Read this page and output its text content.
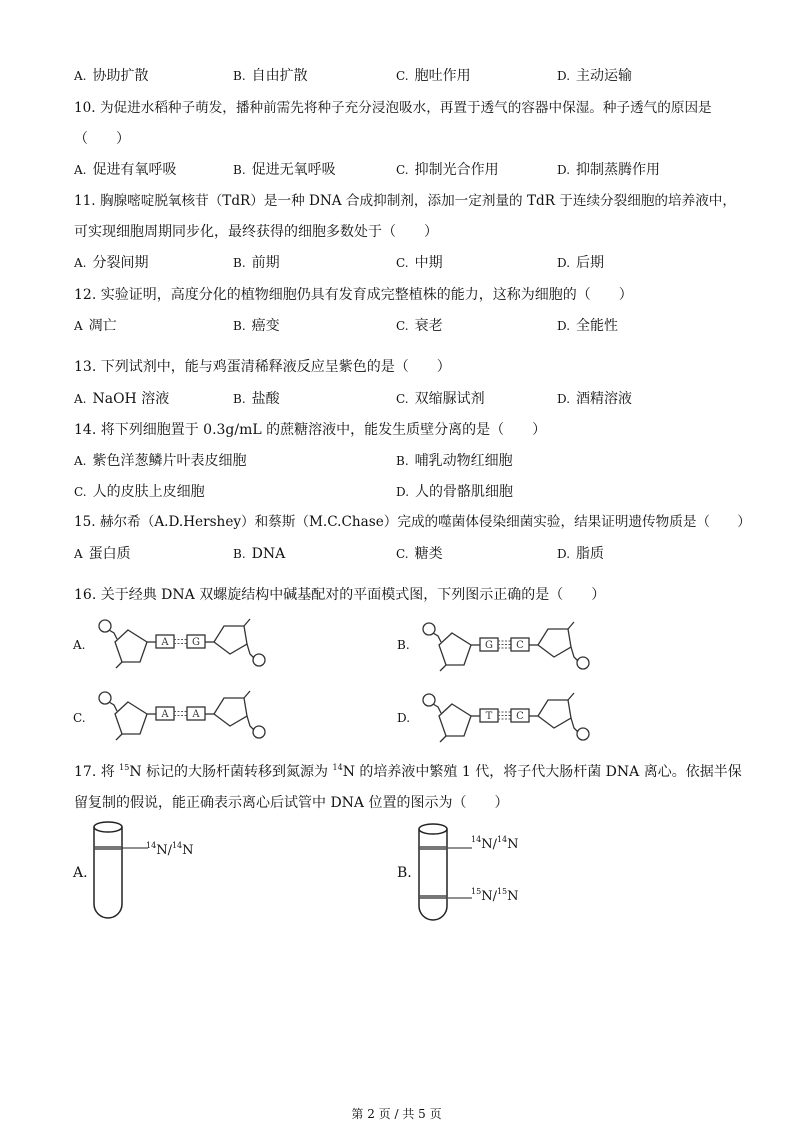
A. 协助扩散	B. 自由扩散	C. 胞吐作用	D. 主动运输
10. 为促进水稻种子萌发，播种前需先将种子充分浸泡吸水，再置于透气的容器中保湿。种子透气的原因是
（　　）
A. 促进有氧呼吸	B. 促进无氧呼吸	C. 抑制光合作用	D. 抑制蒸腾作用
11. 胸腺嘧啶脱氧核苷（TdR）是一种 DNA 合成抑制剂，添加一定剂量的 TdR 于连续分裂细胞的培养液中，
可实现细胞周期同步化，最终获得的细胞多数处于（　　）
A. 分裂间期	B. 前期	C. 中期	D. 后期
12. 实验证明，高度分化的植物细胞仍具有发育成完整植株的能力，这称为细胞的（　　）
A 凋亡	B. 癌变	C. 衰老	D. 全能性
13. 下列试剂中，能与鸡蛋清稀释液反应呈紫色的是（　　）
A. NaOH 溶液	B. 盐酸	C. 双缩脲试剂	D. 酒精溶液
14. 将下列细胞置于 0.3g/mL 的蔗糖溶液中，能发生质壁分离的是（　　）
A. 紫色洋葱鳞片叶表皮细胞	B. 哺乳动物红细胞
C. 人的皮肤上皮细胞	D. 人的骨骼肌细胞
15. 赫尔希（A.D.Hershey）和蔡斯（M.C.Chase）完成的噬菌体侵染细菌实验，结果证明遗传物质是（　　）
A 蛋白质	B. DNA	C. 糖类	D. 脂质
16. 关于经典 DNA 双螺旋结构中碱基配对的平面模式图，下列图示正确的是（　　）
A.	B.
C.	D.
A G	G C
A A	T C
17. 将 $^{15}$N 标记的大肠杆菌转移到氮源为 $^{14}$N 的培养液中繁殖 1 代，将子代大肠杆菌 DNA 离心。依据半保
留复制的假说，能正确表示离心后试管中 DNA 位置的图示为（　　）
A.
$^{14}$N/$^{14}$N
B.
$^{14}$N/$^{14}$N
$^{15}$N/$^{15}$N
第 2 页 / 共 5 页
